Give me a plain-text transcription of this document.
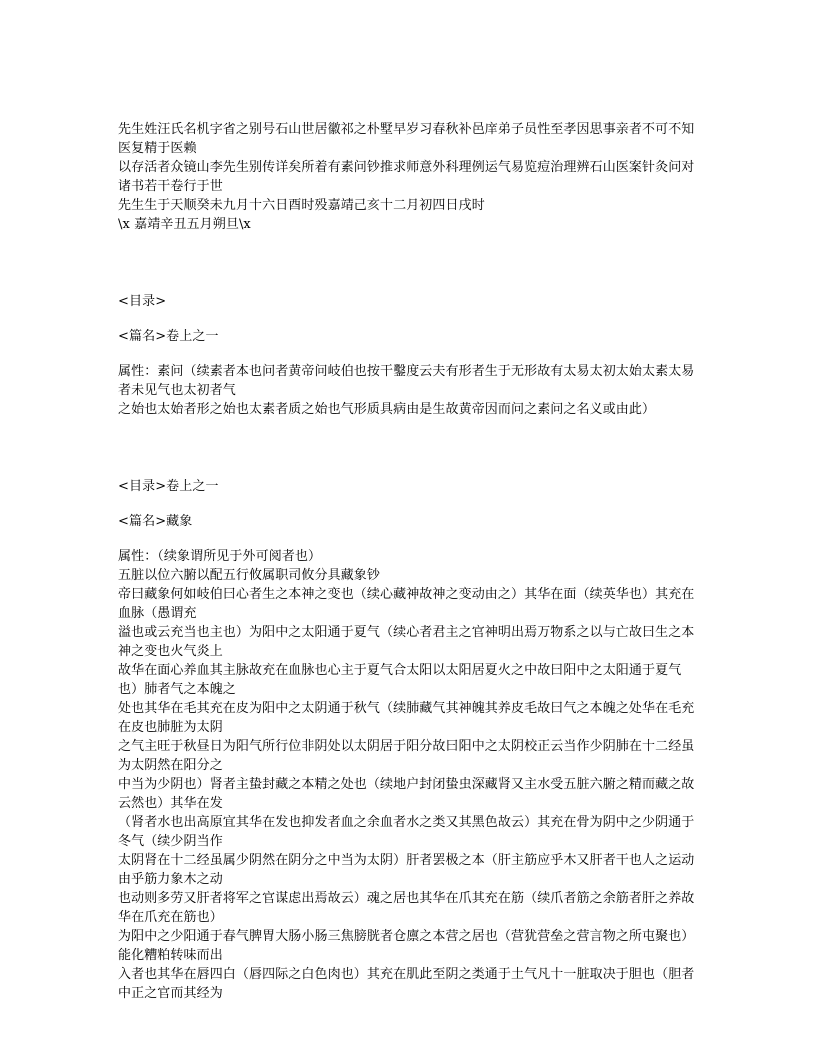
先生姓汪氏名机字省之别号石山世居徽祁之朴墅早岁习春秋补邑庠弟子员性至孝因思事亲者不可不知医复精于医赖

以存活者众镜山李先生别传详矣所着有素问钞推求师意外科理例运气易览痘治理辨石山医案针灸问对诸书若干卷行于世

先生生于天顺癸未九月十六日酉时殁嘉靖己亥十二月初四日戌时

\x 嘉靖辛丑五月朔旦\x

<目录>

<篇名>卷上之一

属性：素问（续素者本也问者黄帝问岐伯也按干鑿度云夫有形者生于无形故有太易太初太始太素太易者未见气也太初者气

之始也太始者形之始也太素者质之始也气形质具病由是生故黄帝因而问之素问之名义或由此）

<目录>卷上之一

<篇名>藏象

属性：（续象谓所见于外可阅者也）

五脏以位六腑以配五行攸属职司攸分具藏象钞

帝曰藏象何如岐伯曰心者生之本神之变也（续心藏神故神之变动由之）其华在面（续英华也）其充在血脉（愚谓充

溢也或云充当也主也）为阳中之太阳通于夏气（续心者君主之官神明出焉万物系之以与亡故曰生之本神之变也火气炎上

故华在面心养血其主脉故充在血脉也心主于夏气合太阳以太阳居夏火之中故曰阳中之太阳通于夏气也）肺者气之本魄之

处也其华在毛其充在皮为阳中之太阴通于秋气（续肺藏气其神魄其养皮毛故曰气之本魄之处华在毛充在皮也肺脏为太阴

之气主旺于秋昼日为阳气所行位非阴处以太阴居于阳分故曰阳中之太阴校正云当作少阴肺在十二经虽为太阴然在阳分之

中当为少阴也）肾者主蛰封藏之本精之处也（续地户封闭蛰虫深藏肾又主水受五脏六腑之精而藏之故云然也）其华在发

（肾者水也出高原宜其华在发也抑发者血之余血者水之类又其黑色故云）其充在骨为阴中之少阴通于冬气（续少阴当作

太阴肾在十二经虽属少阴然在阴分之中当为太阴）肝者罢极之本（肝主筋应乎木又肝者干也人之运动由乎筋力象木之动

也动则多劳又肝者将军之官谋虑出焉故云）魂之居也其华在爪其充在筋（续爪者筋之余筋者肝之养故华在爪充在筋也）

为阳中之少阳通于春气脾胃大肠小肠三焦膀胱者仓廪之本营之居也（营犹营垒之营言物之所屯聚也）能化糟粕转味而出

入者也其华在唇四白（唇四际之白色肉也）其充在肌此至阴之类通于土气凡十一脏取决于胆也（胆者中正之官而其经为
